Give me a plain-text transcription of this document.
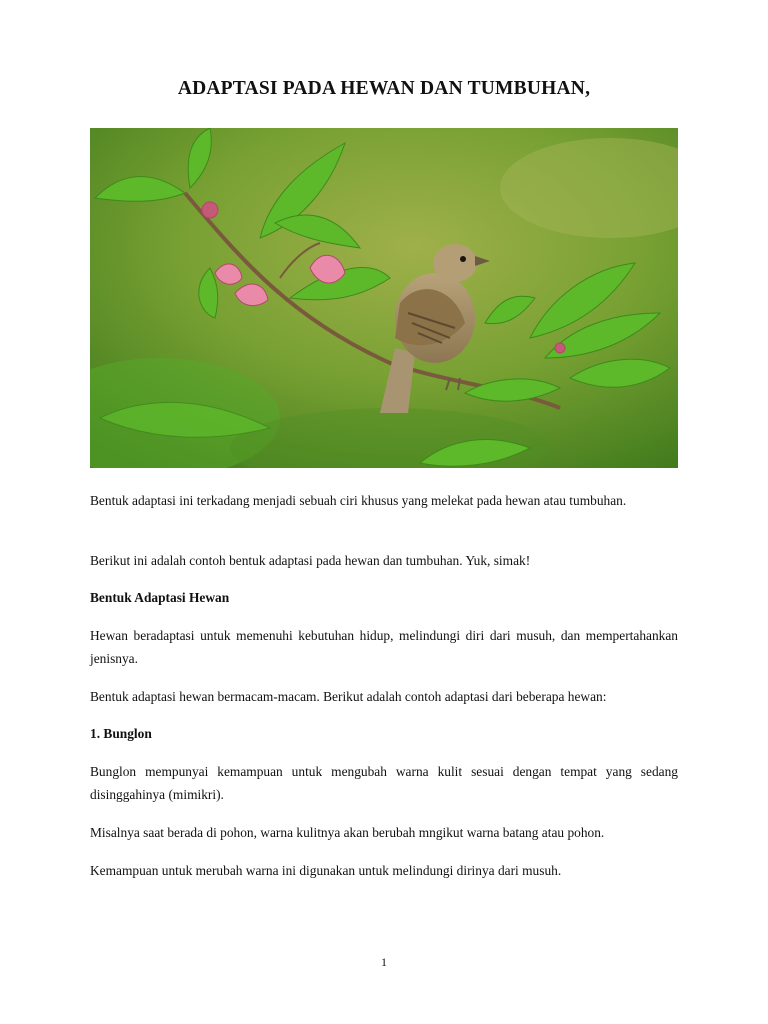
ADAPTASI PADA HEWAN DAN TUMBUHAN,

Bentuk adaptasi ini terkadang menjadi sebuah ciri khusus yang melekat pada hewan atau tumbuhan.

Berikut ini adalah contoh bentuk adaptasi pada hewan dan tumbuhan. Yuk, simak!

Bentuk Adaptasi Hewan

Hewan beradaptasi untuk memenuhi kebutuhan hidup, melindungi diri dari musuh, dan mempertahankan jenisnya.

Bentuk adaptasi hewan bermacam-macam. Berikut adalah contoh adaptasi dari beberapa hewan:

1. Bunglon

Bunglon mempunyai kemampuan untuk mengubah warna kulit sesuai dengan tempat yang sedang disinggahinya (mimikri).

Misalnya saat berada di pohon, warna kulitnya akan berubah mngikut warna batang atau pohon.

Kemampuan untuk merubah warna ini digunakan untuk melindungi dirinya dari musuh.

1
